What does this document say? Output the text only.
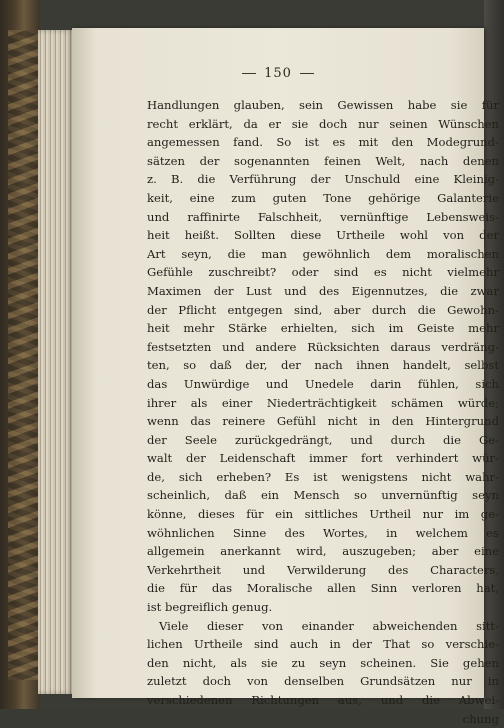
150
Handlungen glauben, sein Gewissen habe sie für
recht erklärt, da er sie doch nur seinen Wünschen
angemessen fand. So ist es mit den Modegrund-
sätzen der sogenannten feinen Welt, nach denen
z. B. die Verführung der Unschuld eine Kleinig-
keit, eine zum guten Tone gehörige Galanterie
und raffinirte Falschheit, vernünftige Lebensweis-
heit heißt. Sollten diese Urtheile wohl von der
Art seyn, die man gewöhnlich dem moralischen
Gefühle zuschreibt? oder sind es nicht vielmehr
Maximen der Lust und des Eigennutzes, die zwar
der Pflicht entgegen sind, aber durch die Gewohn-
heit mehr Stärke erhielten, sich im Geiste mehr
festsetzten und andere Rücksichten daraus verdräng-
ten, so daß der, der nach ihnen handelt, selbst
das Unwürdige und Unedele darin fühlen, sich
ihrer als einer Niederträchtigkeit schämen würde;
wenn das reinere Gefühl nicht in den Hintergrund
der Seele zurückgedrängt, und durch die Ge-
walt der Leidenschaft immer fort verhindert wür-
de, sich erheben? Es ist wenigstens nicht wahr-
scheinlich, daß ein Mensch so unvernünftig seyn
könne, dieses für ein sittliches Urtheil nur im ge-
wöhnlichen Sinne des Wortes, in welchem es
allgemein anerkannt wird, auszugeben; aber eine
Verkehrtheit und Verwilderung des Characters,
die für das Moralische allen Sinn verloren hat,
ist begreiflich genug.
Viele dieser von einander abweichenden sitt-
lichen Urtheile sind auch in der That so verschie-
den nicht, als sie zu seyn scheinen. Sie gehen
zuletzt doch von denselben Grundsätzen nur in
verschiedenen Richtungen aus, und die Abwei-
chung
